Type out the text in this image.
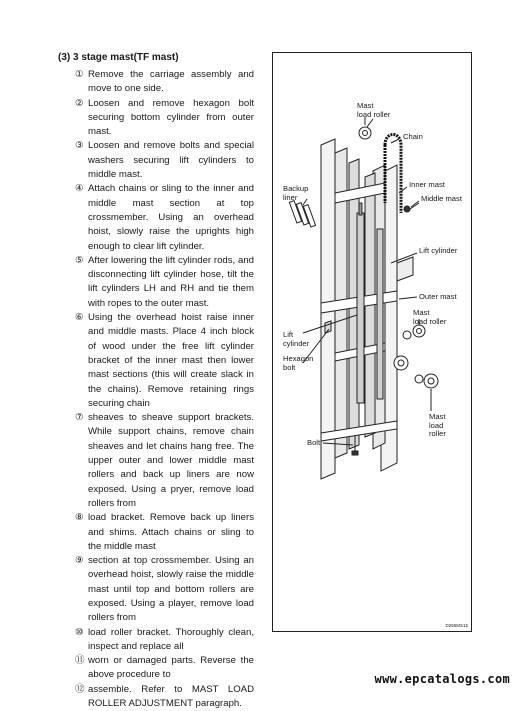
(3) 3 stage mast(TF mast)
① Remove the carriage assembly and move to one side.
② Loosen and remove hexagon bolt securing bottom cylinder from outer mast.
③ Loosen and remove bolts and special washers securing lift cylinders to middle mast.
④ Attach chains or sling to the inner and middle mast section at top crossmember. Using an overhead hoist, slowly raise the uprights high enough to clear lift cylinder.
⑤ After lowering the lift cylinder rods, and disconnecting lift cylinder hose, tilt the lift cylinders LH and RH and tie them with ropes to the outer mast.
⑥ Using the overhead hoist raise inner and middle masts. Place 4 inch block of wood under the free lift cylinder bracket of the inner mast then lower mast sections (this will create slack in the chains). Remove retaining rings securing chain
⑦ sheaves to sheave support brackets. While support chains, remove chain sheaves and let chains hang free. The upper outer and lower middle mast rollers and back up liners are now exposed. Using a pryer, remove load rollers from
⑧ load bracket. Remove back up liners and shims. Attach chains or sling to the middle mast
⑨ section at top crossmember. Using an overhead hoist, slowly raise the middle mast until top and bottom rollers are exposed. Using a player, remove load rollers from
⑩ load roller bracket. Thoroughly clean, inspect and replace all
⑪ worn or damaged parts. Reverse the above procedure to
⑫ assemble. Refer to MAST LOAD ROLLER ADJUSTMENT paragraph.
Mast
load roller
Chain
Backup
liner
Inner mast
Middle mast
Lift cylinder
Outer mast
Mast
load roller
Lift
cylinder
Hexagon
bolt
Mast
load
roller
Bolt
D255MS15
www.epcatalogs.com
